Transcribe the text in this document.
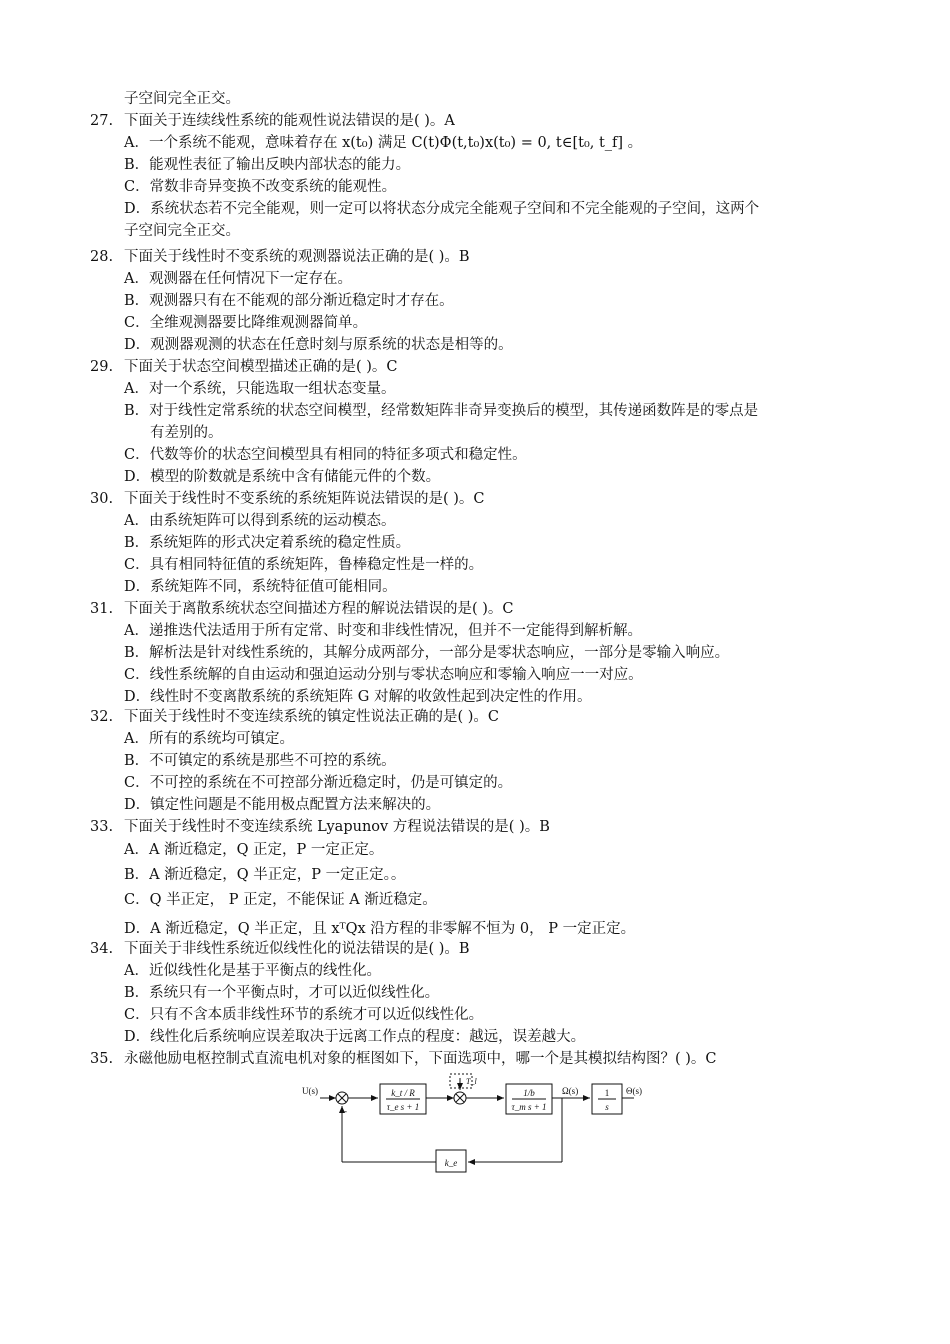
子空间完全正交。
27. 下面关于连续线性系统的能观性说法错误的是( )。A
A．一个系统不能观，意味着存在 x(t₀) 满足 C(t)Φ(t,t₀)x(t₀) = 0, t∈[t₀, t_f] 。
B．能观性表征了输出反映内部状态的能力。
C．常数非奇异变换不改变系统的能观性。
D．系统状态若不完全能观，则一定可以将状态分成完全能观子空间和不完全能观的子空间，这两个
子空间完全正交。
28. 下面关于线性时不变系统的观测器说法正确的是( )。B
A．观测器在任何情况下一定存在。
B．观测器只有在不能观的部分渐近稳定时才存在。
C．全维观测器要比降维观测器简单。
D．观测器观测的状态在任意时刻与原系统的状态是相等的。
29. 下面关于状态空间模型描述正确的是( )。C
A．对一个系统，只能选取一组状态变量。
B．对于线性定常系统的状态空间模型，经常数矩阵非奇异变换后的模型，其传递函数阵是的零点是
有差别的。
C．代数等价的状态空间模型具有相同的特征多项式和稳定性。
D．模型的阶数就是系统中含有储能元件的个数。
30. 下面关于线性时不变系统的系统矩阵说法错误的是( )。C
A．由系统矩阵可以得到系统的运动模态。
B．系统矩阵的形式决定着系统的稳定性质。
C．具有相同特征值的系统矩阵，鲁棒稳定性是一样的。
D．系统矩阵不同，系统特征值可能相同。
31. 下面关于离散系统状态空间描述方程的解说法错误的是( )。C
A．递推迭代法适用于所有定常、时变和非线性情况，但并不一定能得到解析解。
B．解析法是针对线性系统的，其解分成两部分，一部分是零状态响应，一部分是零输入响应。
C．线性系统解的自由运动和强迫运动分别与零状态响应和零输入响应一一对应。
D．线性时不变离散系统的系统矩阵 G 对解的收敛性起到决定性的作用。
32. 下面关于线性时不变连续系统的镇定性说法正确的是( )。C
A．所有的系统均可镇定。
B．不可镇定的系统是那些不可控的系统。
C．不可控的系统在不可控部分渐近稳定时，仍是可镇定的。
D．镇定性问题是不能用极点配置方法来解决的。
33. 下面关于线性时不变连续系统 Lyapunov 方程说法错误的是( )。B
A．A 渐近稳定，Q 正定，P 一定正定。
B．A 渐近稳定，Q 半正定，P 一定正定。。
C．Q 半正定， P 正定，不能保证 A 渐近稳定。
D．A 渐近稳定，Q 半正定，且 xᵀQx 沿方程的非零解不恒为 0， P 一定正定。
34. 下面关于非线性系统近似线性化的说法错误的是( )。B
A．近似线性化是基于平衡点的线性化。
B．系统只有一个平衡点时，才可以近似线性化。
C．只有不含本质非线性环节的系统才可以近似线性化。
D．线性化后系统响应误差取决于远离工作点的程度：越远，误差越大。
35. 永磁他励电枢控制式直流电机对象的框图如下，下面选项中，哪一个是其模拟结构图？( )。C
U(s)
-
k_t / R
τ_e s + 1
T_l
1/b
τ_m s + 1
Ω(s)	1
s
Θ(s)
k_e
